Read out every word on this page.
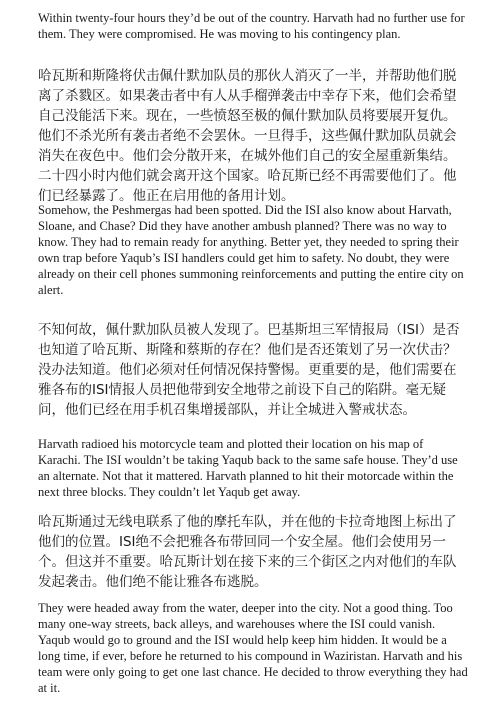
Within twenty-four hours they’d be out of the country. Harvath had no further use for them. They were compromised. He was moving to his contingency plan.

哈瓦斯和斯隆将伏击佩什默加队员的那伙人消灭了一半，并帮助他们脱离了杀戮区。如果袭击者中有人从手榴弹袭击中幸存下来，他们会希望自己没能活下来。现在，一些愤怒至极的佩什默加队员将要展开复仇。他们不杀光所有袭击者绝不会罢休。一旦得手，这些佩什默加队员就会消失在夜色中。他们会分散开来，在城外他们自己的安全屋重新集结。二十四小时内他们就会离开这个国家。哈瓦斯已经不再需要他们了。他们已经暴露了。他正在启用他的备用计划。

Somehow, the Peshmergas had been spotted. Did the ISI also know about Harvath, Sloane, and Chase? Did they have another ambush planned? There was no way to know. They had to remain ready for anything. Better yet, they needed to spring their own trap before Yaqub’s ISI handlers could get him to safety. No doubt, they were already on their cell phones summoning reinforcements and putting the entire city on alert.

不知何故，佩什默加队员被人发现了。巴基斯坦三军情报局（ISI）是否也知道了哈瓦斯、斯隆和蔡斯的存在？他们是否还策划了另一次伏击？没办法知道。他们必须对任何情况保持警惕。更重要的是，他们需要在雅各布的ISI情报人员把他带到安全地带之前设下自己的陷阱。毫无疑问，他们已经在用手机召集增援部队，并让全城进入警戒状态。

Harvath radioed his motorcycle team and plotted their location on his map of Karachi. The ISI wouldn’t be taking Yaqub back to the same safe house. They’d use an alternate. Not that it mattered. Harvath planned to hit their motorcade within the next three blocks. They couldn’t let Yaqub get away.

哈瓦斯通过无线电联系了他的摩托车队，并在他的卡拉奇地图上标出了他们的位置。ISI绝不会把雅各布带回同一个安全屋。他们会使用另一个。但这并不重要。哈瓦斯计划在接下来的三个街区之内对他们的车队发起袭击。他们绝不能让雅各布逃脱。

They were headed away from the water, deeper into the city. Not a good thing. Too many one-way streets, back alleys, and warehouses where the ISI could vanish. Yaqub would go to ground and the ISI would help keep him hidden. It would be a long time, if ever, before he returned to his compound in Waziristan. Harvath and his team were only going to get one last chance. He decided to throw everything they had at it.
